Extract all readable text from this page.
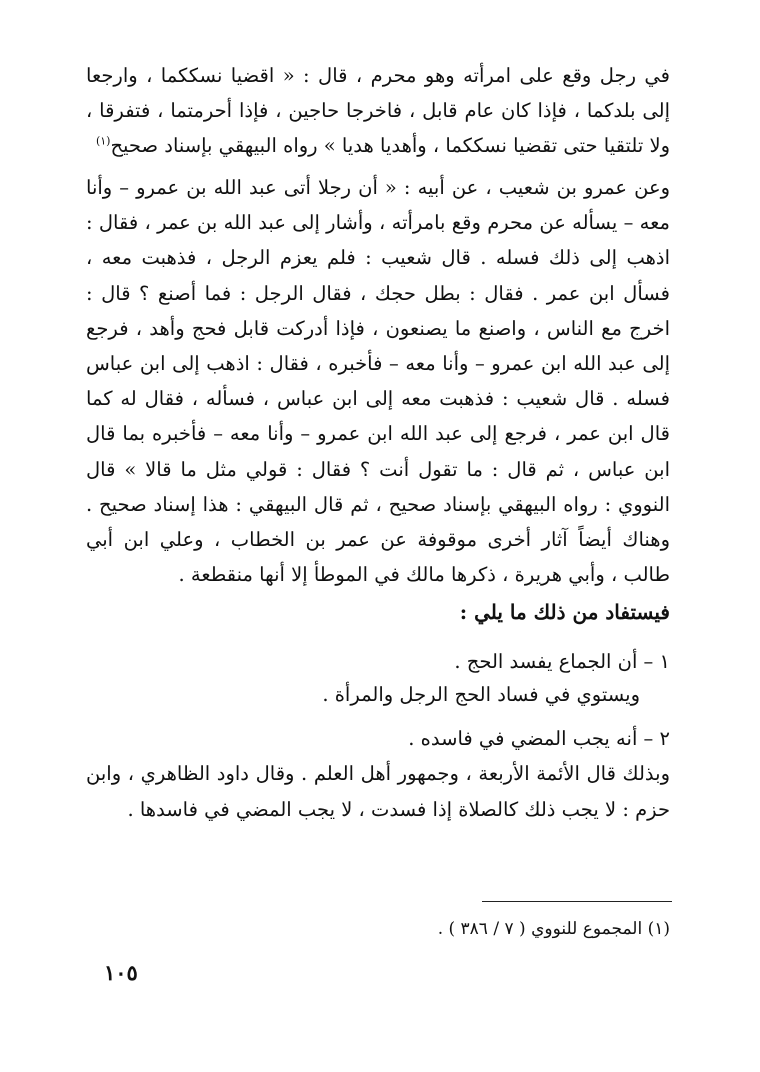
في رجل وقع على امرأته وهو محرم ، قال : « اقضيا نسككما ، وارجعا إلى بلدكما ، فإذا كان عام قابل ، فاخرجا حاجين ، فإذا أحرمتما ، فتفرقا ، ولا تلتقيا حتى تقضيا نسككما ، وأهديا هديا » رواه البيهقي بإسناد صحيح$^{(١)}$

وعن عمرو بن شعيب ، عن أبيه : « أن رجلا أتى عبد الله بن عمرو – وأنا معه – يسأله عن محرم وقع بامرأته ، وأشار إلى عبد الله بن عمر ، فقال : اذهب إلى ذلك فسله . قال شعيب : فلم يعزم الرجل ، فذهبت معه ، فسأل ابن عمر . فقال : بطل حجك ، فقال الرجل : فما أصنع ؟ قال : اخرج مع الناس ، واصنع ما يصنعون ، فإذا أدركت قابل فحج وأهد ، فرجع إلى عبد الله ابن عمرو – وأنا معه – فأخبره ، فقال : اذهب إلى ابن عباس فسله . قال شعيب : فذهبت معه إلى ابن عباس ، فسأله ، فقال له كما قال ابن عمر ، فرجع إلى عبد الله ابن عمرو – وأنا معه – فأخبره بما قال ابن عباس ، ثم قال : ما تقول أنت ؟ فقال : قولي مثل ما قالا » قال النووي : رواه البيهقي بإسناد صحيح ، ثم قال البيهقي : هذا إسناد صحيح . وهناك أيضاً آثار أخرى موقوفة عن عمر بن الخطاب ، وعلي ابن أبي طالب ، وأبي هريرة ، ذكرها مالك في الموطأ إلا أنها منقطعة .

فيستفاد من ذلك ما يلي :

١ – أن الجماع يفسد الحج .

ويستوي في فساد الحج الرجل والمرأة .

٢ – أنه يجب المضي في فاسده .

وبذلك قال الأئمة الأربعة ، وجمهور أهل العلم . وقال داود الظاهري ، وابن حزم : لا يجب ذلك كالصلاة إذا فسدت ، لا يجب المضي في فاسدها .

(١) المجموع للنووي ( ٧ / ٣٨٦ ) .

١٠٥
